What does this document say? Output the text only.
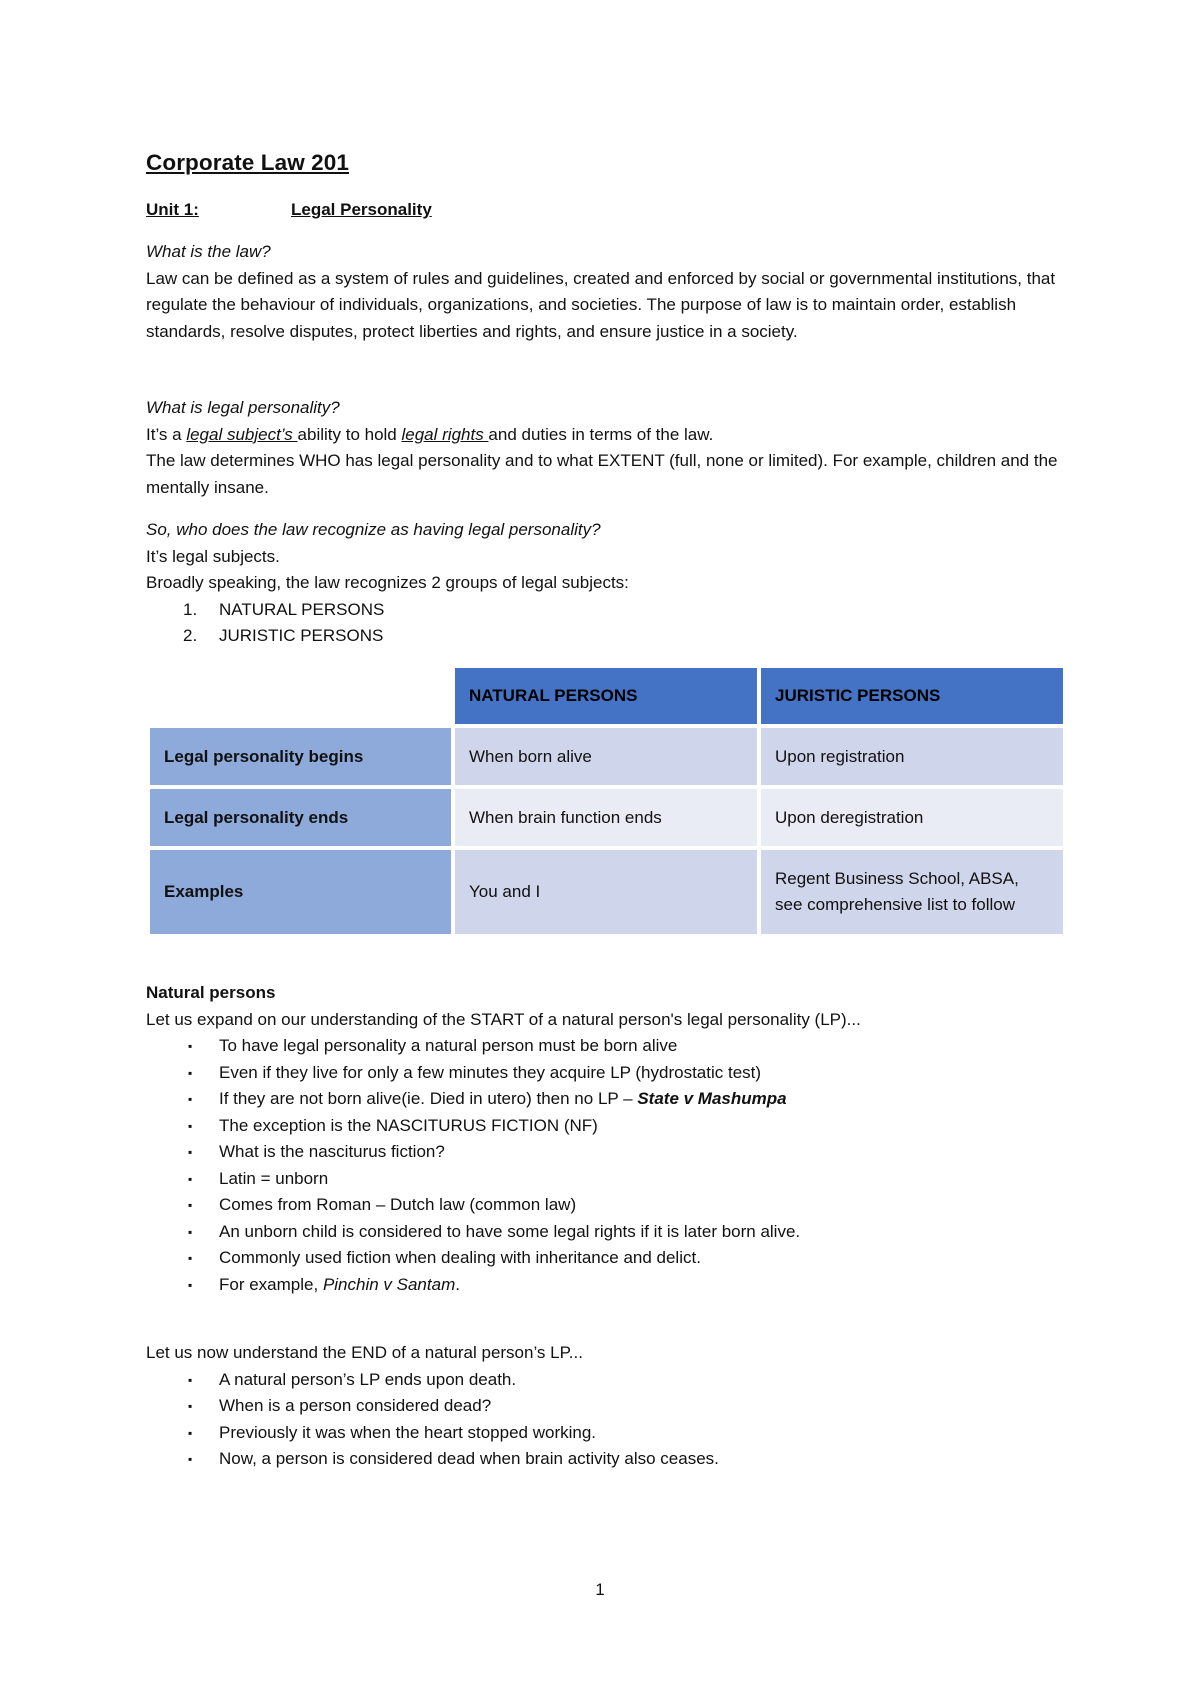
Corporate Law 201
Unit 1:	Legal Personality

What is the law?

Law can be defined as a system of rules and guidelines, created and enforced by social or governmental institutions, that regulate the behaviour of individuals, organizations, and societies. The purpose of law is to maintain order, establish standards, resolve disputes, protect liberties and rights, and ensure justice in a society.

What is legal personality?

It’s a legal subject’s ability to hold legal rights and duties in terms of the law.

The law determines WHO has legal personality and to what EXTENT (full, none or limited). For example, children and the mentally insane.

So, who does the law recognize as having legal personality?

It’s legal subjects.

Broadly speaking, the law recognizes 2 groups of legal subjects:

1. NATURAL PERSONS
2. JURISTIC PERSONS
	NATURAL PERSONS	JURISTIC PERSONS
Legal personality begins	When born alive	Upon registration
Legal personality ends	When brain function ends	Upon deregistration
Examples	You and I	Regent Business School, ABSA, see comprehensive list to follow

Natural persons

Let us expand on our understanding of the START of a natural person's legal personality (LP)...

▪ To have legal personality a natural person must be born alive
▪ Even if they live for only a few minutes they acquire LP (hydrostatic test)
▪ If they are not born alive(ie. Died in utero) then no LP – State v Mashumpa
▪ The exception is the NASCITURUS FICTION (NF)
▪ What is the nasciturus fiction?
▪ Latin = unborn
▪ Comes from Roman – Dutch law (common law)
▪ An unborn child is considered to have some legal rights if it is later born alive.
▪ Commonly used fiction when dealing with inheritance and delict.
▪ For example, Pinchin v Santam.

Let us now understand the END of a natural person’s LP...

▪ A natural person’s LP ends upon death.
▪ When is a person considered dead?
▪ Previously it was when the heart stopped working.
▪ Now, a person is considered dead when brain activity also ceases.
1
